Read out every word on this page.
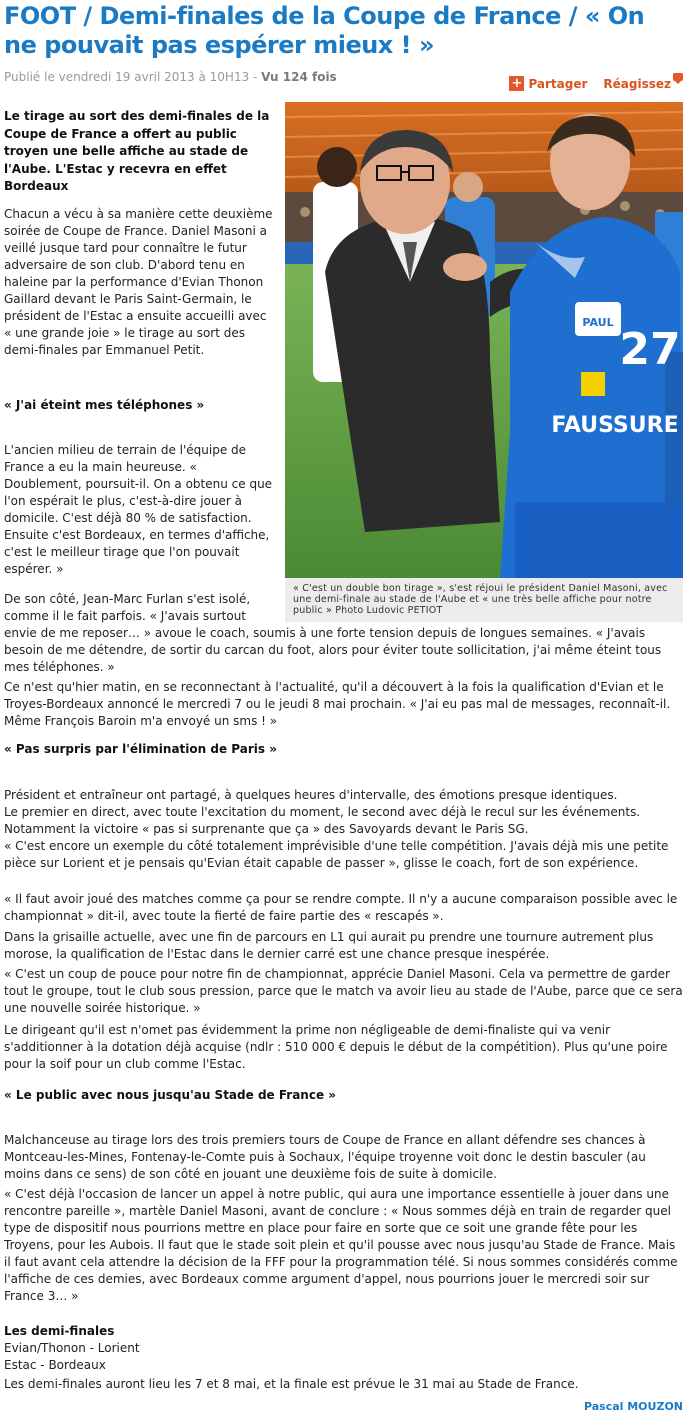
FOOT / Demi-finales de la Coupe de France / « On ne pouvait pas espérer mieux ! »
Publié le vendredi 19 avril 2013 à 10H13 - Vu 124 fois	+ Partager Réagissez
PAUL
27
FAUSSURE
« C'est un double bon tirage », s'est réjoui le président Daniel Masoni, avec une demi-finale au stade de l'Aube et « une très belle affiche pour notre public » Photo Ludovic PETIOT
Le tirage au sort des demi-finales de la Coupe de France a offert au public troyen une belle affiche au stade de l'Aube. L'Estac y recevra en effet Bordeaux
Chacun a vécu à sa manière cette deuxième soirée de Coupe de France. Daniel Masoni a veillé jusque tard pour connaître le futur adversaire de son club. D'abord tenu en haleine par la performance d'Evian Thonon Gaillard devant le Paris Saint-Germain, le président de l'Estac a ensuite accueilli avec « une grande joie » le tirage au sort des demi-finales par Emmanuel Petit.
« J'ai éteint mes téléphones »
L'ancien milieu de terrain de l'équipe de France a eu la main heureuse. « Doublement, poursuit-il. On a obtenu ce que l'on espérait le plus, c'est-à-dire jouer à domicile. C'est déjà 80 % de satisfaction. Ensuite c'est Bordeaux, en termes d'affiche, c'est le meilleur tirage que l'on pouvait espérer. »
De son côté, Jean-Marc Furlan s'est isolé, comme il le fait parfois. « J'avais surtout
envie de me reposer… » avoue le coach, soumis à une forte tension depuis de longues semaines. « J'avais besoin de me détendre, de sortir du carcan du foot, alors pour éviter toute sollicitation, j'ai même éteint tous mes téléphones. »
Ce n'est qu'hier matin, en se reconnectant à l'actualité, qu'il a découvert à la fois la qualification d'Evian et le Troyes-Bordeaux annoncé le mercredi 7 ou le jeudi 8 mai prochain. « J'ai eu pas mal de messages, reconnaît-il. Même François Baroin m'a envoyé un sms ! »
« Pas surpris par l'élimination de Paris »
Président et entraîneur ont partagé, à quelques heures d'intervalle, des émotions presque identiques.
Le premier en direct, avec toute l'excitation du moment, le second avec déjà le recul sur les événements. Notamment la victoire « pas si surprenante que ça » des Savoyards devant le Paris SG.
« C'est encore un exemple du côté totalement imprévisible d'une telle compétition. J'avais déjà mis une petite pièce sur Lorient et je pensais qu'Evian était capable de passer », glisse le coach, fort de son expérience.
« Il faut avoir joué des matches comme ça pour se rendre compte. Il n'y a aucune comparaison possible avec le championnat » dit-il, avec toute la fierté de faire partie des « rescapés ».
Dans la grisaille actuelle, avec une fin de parcours en L1 qui aurait pu prendre une tournure autrement plus morose, la qualification de l'Estac dans le dernier carré est une chance presque inespérée.
« C'est un coup de pouce pour notre fin de championnat, apprécie Daniel Masoni. Cela va permettre de garder tout le groupe, tout le club sous pression, parce que le match va avoir lieu au stade de l'Aube, parce que ce sera une nouvelle soirée historique. »
Le dirigeant qu'il est n'omet pas évidemment la prime non négligeable de demi-finaliste qui va venir s'additionner à la dotation déjà acquise (ndlr : 510 000 € depuis le début de la compétition). Plus qu'une poire pour la soif pour un club comme l'Estac.
« Le public avec nous jusqu'au Stade de France »
Malchanceuse au tirage lors des trois premiers tours de Coupe de France en allant défendre ses chances à Montceau-les-Mines, Fontenay-le-Comte puis à Sochaux, l'équipe troyenne voit donc le destin basculer (au moins dans ce sens) de son côté en jouant une deuxième fois de suite à domicile.
« C'est déjà l'occasion de lancer un appel à notre public, qui aura une importance essentielle à jouer dans une rencontre pareille », martèle Daniel Masoni, avant de conclure : « Nous sommes déjà en train de regarder quel type de dispositif nous pourrions mettre en place pour faire en sorte que ce soit une grande fête pour les Troyens, pour les Aubois. Il faut que le stade soit plein et qu'il pousse avec nous jusqu'au Stade de France. Mais il faut avant cela attendre la décision de la FFF pour la programmation télé. Si nous sommes considérés comme l'affiche de ces demies, avec Bordeaux comme argument d'appel, nous pourrions jouer le mercredi soir sur France 3… »
Les demi-finales
Evian/Thonon - Lorient
Estac - Bordeaux
Les demi-finales auront lieu les 7 et 8 mai, et la finale est prévue le 31 mai au Stade de France.
Pascal MOUZON
